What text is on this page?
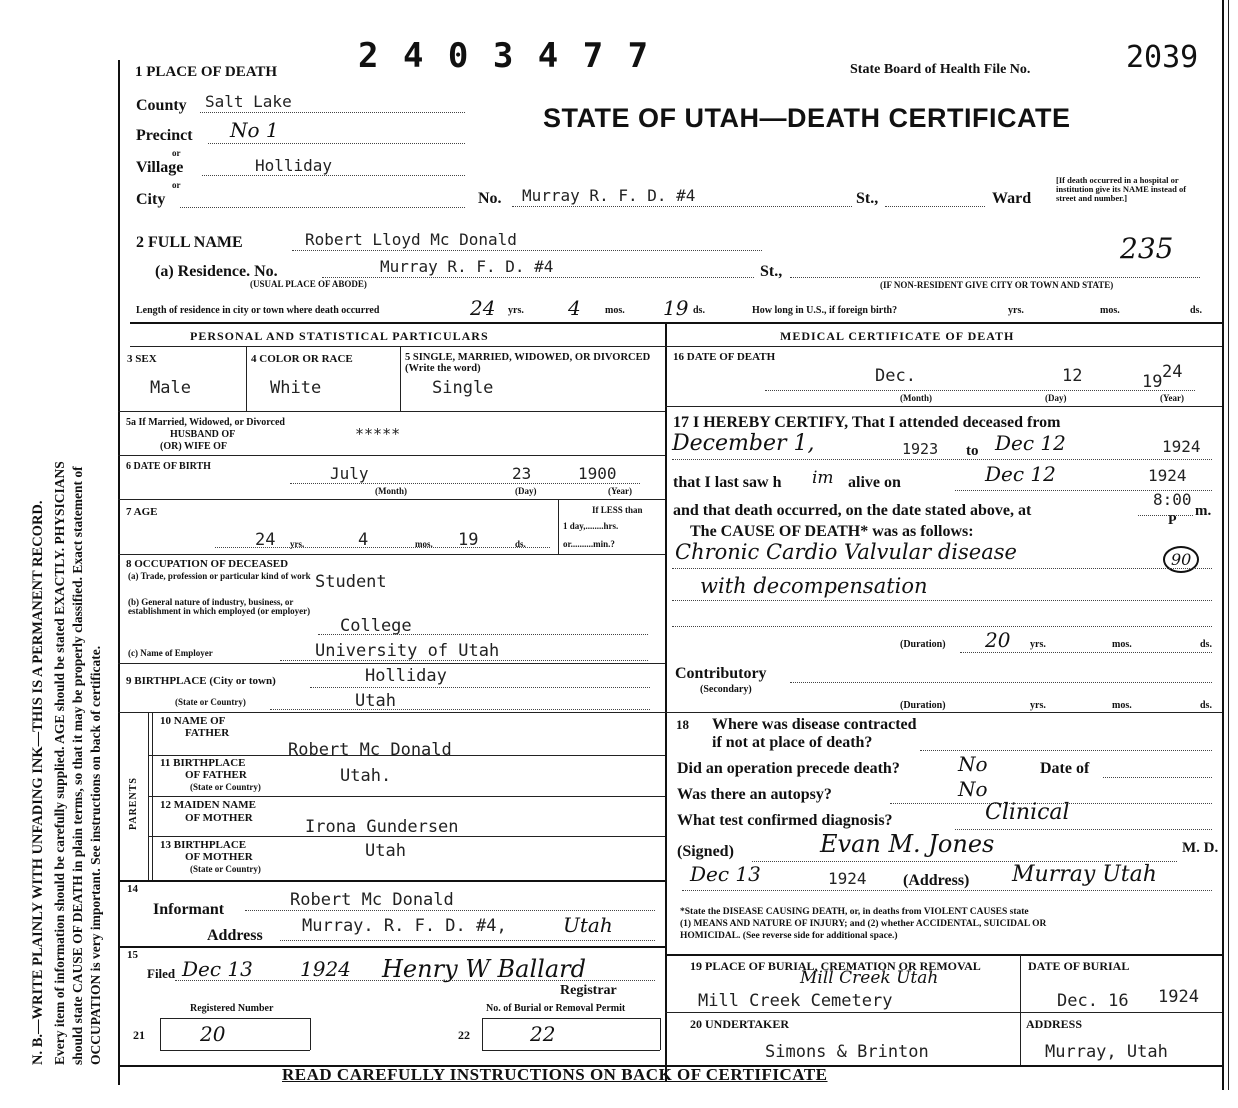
N. B.—WRITE PLAINLY WITH UNFADING INK—THIS IS A PERMANENT RECORD. Every item of information should be carefully supplied. AGE should be stated EXACTLY. PHYSICIANS should state CAUSE OF DEATH in plain terms, so that it may be properly classified. Exact statement of OCCUPATION is very important. See instructions on back of certificate.
1 PLACE OF DEATH 2 4 0 3 4 7 7	State Board of Health File No.	2039
STATE OF UTAH—DEATH CERTIFICATE
County Salt Lake
Precinct No 1
or
Village	Holliday
or
City	No. Murray R. F. D. #4	St.,	Ward
[If death occurred in a hospital or institution give its NAME instead of street and number.]
2 FULL NAME	Robert Lloyd Mc Donald	235
(a) Residence. No.	Murray R. F. D. #4
(USUAL PLACE OF ABODE)
St.,
(IF NON-RESIDENT GIVE CITY OR TOWN AND STATE)
Length of residence in city or town where death occurred	24 yrs. 4 mos. 19 ds.	How long in U.S., if foreign birth?	yrs.	mos.	ds.
PERSONAL AND STATISTICAL PARTICULARS	MEDICAL CERTIFICATE OF DEATH
3 SEX
Male
4 COLOR OR RACE
White
5 SINGLE, MARRIED, WIDOWED, OR DIVORCED (Write the word)
Single
5a If Married, Widowed, or Divorced
HUSBAND OF
(OR) WIFE OF
*****
6 DATE OF BIRTH	July	23	1900
(Month)	(Day)	(Year)
7 AGE
24 yrs.	4	mos. 19	ds.
If LESS than
1 day,........hrs.
or..........min.?
8 OCCUPATION OF DECEASED
(a) Trade, profession or particular kind of work Student
(b) General nature of industry, business, or establishment in which employed (or employer)
College
(c) Name of Employer	University of Utah
9 BIRTHPLACE (City or town)	Holliday
(State or Country)	Utah
PARENTS
10 NAME OF
FATHER
Robert Mc Donald
11 BIRTHPLACE
OF FATHER
(State or Country)
Utah.
12 MAIDEN NAME
OF MOTHER	Irona Gundersen
13 BIRTHPLACE
OF MOTHER
(State or Country)
Utah
14
Informant	Robert Mc Donald
Address Murray. R. F. D. #4,	Utah
15
Filed Dec 13 1924 Henry W Ballard
Registrar
Registered Number	No. of Burial or Removal Permit
21	20	22	22
16 DATE OF DEATH
Dec.	12	19 24
(Month)	(Day)	(Year)
17 I HEREBY CERTIFY, That I attended deceased from
December 1,	1923 to Dec 12	1924
that I last saw h im alive on	Dec 12	1924
and that death occurred, on the date stated above, at
8:00
m.
P
The CAUSE OF DEATH* was as follows:
Chronic Cardio Valvular disease	90
with decompensation
(Duration) 20 yrs.	mos.	ds.
Contributory
(Secondary)
(Duration)	yrs.	mos.	ds.
18 Where was disease contracted
if not at place of death?
Did an operation precede death?	No	Date of
Was there an autopsy?	No
What test confirmed diagnosis?	Clinical
(Signed)	Evan M. Jones	M. D.
Dec 13	1924 (Address) Murray Utah
*State the DISEASE CAUSING DEATH, or, in deaths from VIOLENT CAUSES state
(1) MEANS AND NATURE OF INJURY; and (2) whether ACCIDENTAL, SUICIDAL OR
HOMICIDAL. (See reverse side for additional space.)
19 PLACE OF BURIAL, CREMATION OR REMOVAL
Mill Creek Utah
Mill Creek Cemetery
DATE OF BURIAL
Dec. 16 1924
20 UNDERTAKER
Simons & Brinton
ADDRESS
Murray, Utah
READ CAREFULLY INSTRUCTIONS ON BACK OF CERTIFICATE
